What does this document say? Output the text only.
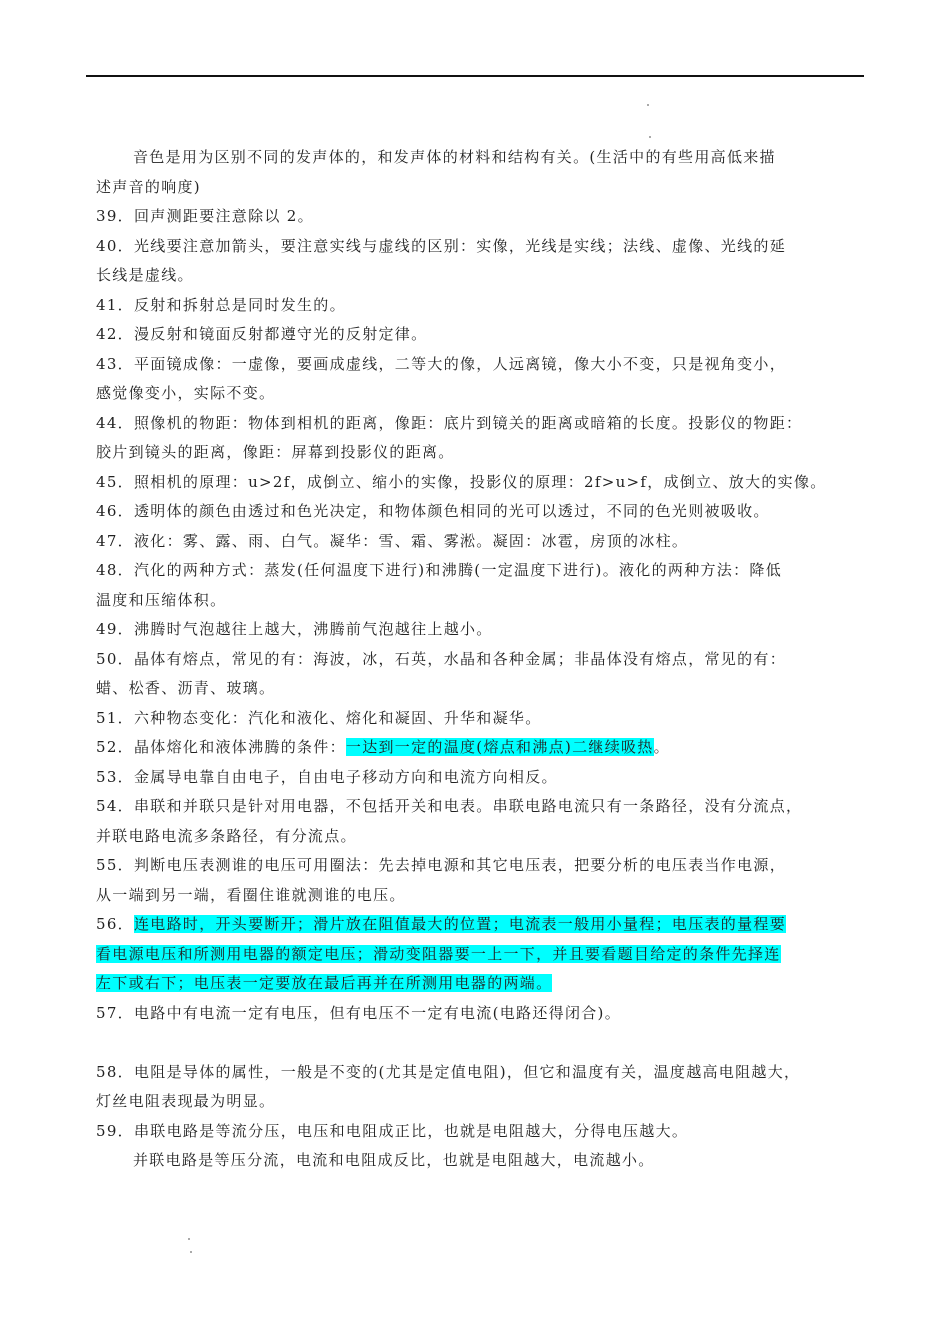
音色是用为区别不同的发声体的，和发声体的材料和结构有关。(生活中的有些用高低来描

述声音的响度)

39．回声测距要注意除以 2。

40．光线要注意加箭头，要注意实线与虚线的区别：实像，光线是实线；法线、虚像、光线的延

长线是虚线。

41．反射和拆射总是同时发生的。

42．漫反射和镜面反射都遵守光的反射定律。

43．平面镜成像：一虚像，要画成虚线，二等大的像，人远离镜，像大小不变，只是视角变小，

感觉像变小，实际不变。

44．照像机的物距：物体到相机的距离，像距：底片到镜关的距离或暗箱的长度。投影仪的物距：

胶片到镜头的距离，像距：屏幕到投影仪的距离。

45．照相机的原理：u>2f，成倒立、缩小的实像，投影仪的原理：2f>u>f，成倒立、放大的实像。

46．透明体的颜色由透过和色光决定，和物体颜色相同的光可以透过，不同的色光则被吸收。

47．液化：雾、露、雨、白气。凝华：雪、霜、雾淞。凝固：冰雹，房顶的冰柱。

48．汽化的两种方式：蒸发(任何温度下进行)和沸腾(一定温度下进行)。液化的两种方法：降低

温度和压缩体积。

49．沸腾时气泡越往上越大，沸腾前气泡越往上越小。

50．晶体有熔点，常见的有：海波，冰，石英，水晶和各种金属；非晶体没有熔点，常见的有：

蜡、松香、沥青、玻璃。

51．六种物态变化：汽化和液化、熔化和凝固、升华和凝华。

52．晶体熔化和液体沸腾的条件：一达到一定的温度(熔点和沸点)二继续吸热。

53．金属导电靠自由电子，自由电子移动方向和电流方向相反。

54．串联和并联只是针对用电器，不包括开关和电表。串联电路电流只有一条路径，没有分流点，

并联电路电流多条路径，有分流点。

55．判断电压表测谁的电压可用圈法：先去掉电源和其它电压表，把要分析的电压表当作电源，

从一端到另一端，看圈住谁就测谁的电压。

56．连电路时，开头要断开；滑片放在阻值最大的位置；电流表一般用小量程；电压表的量程要

看电源电压和所测用电器的额定电压；滑动变阻器要一上一下，并且要看题目给定的条件先择连

左下或右下；电压表一定要放在最后再并在所测用电器的两端。

57．电路中有电流一定有电压，但有电压不一定有电流(电路还得闭合)。

58．电阻是导体的属性，一般是不变的(尤其是定值电阻)，但它和温度有关，温度越高电阻越大，

灯丝电阻表现最为明显。

59．串联电路是等流分压，电压和电阻成正比，也就是电阻越大，分得电压越大。

并联电路是等压分流，电流和电阻成反比，也就是电阻越大，电流越小。
